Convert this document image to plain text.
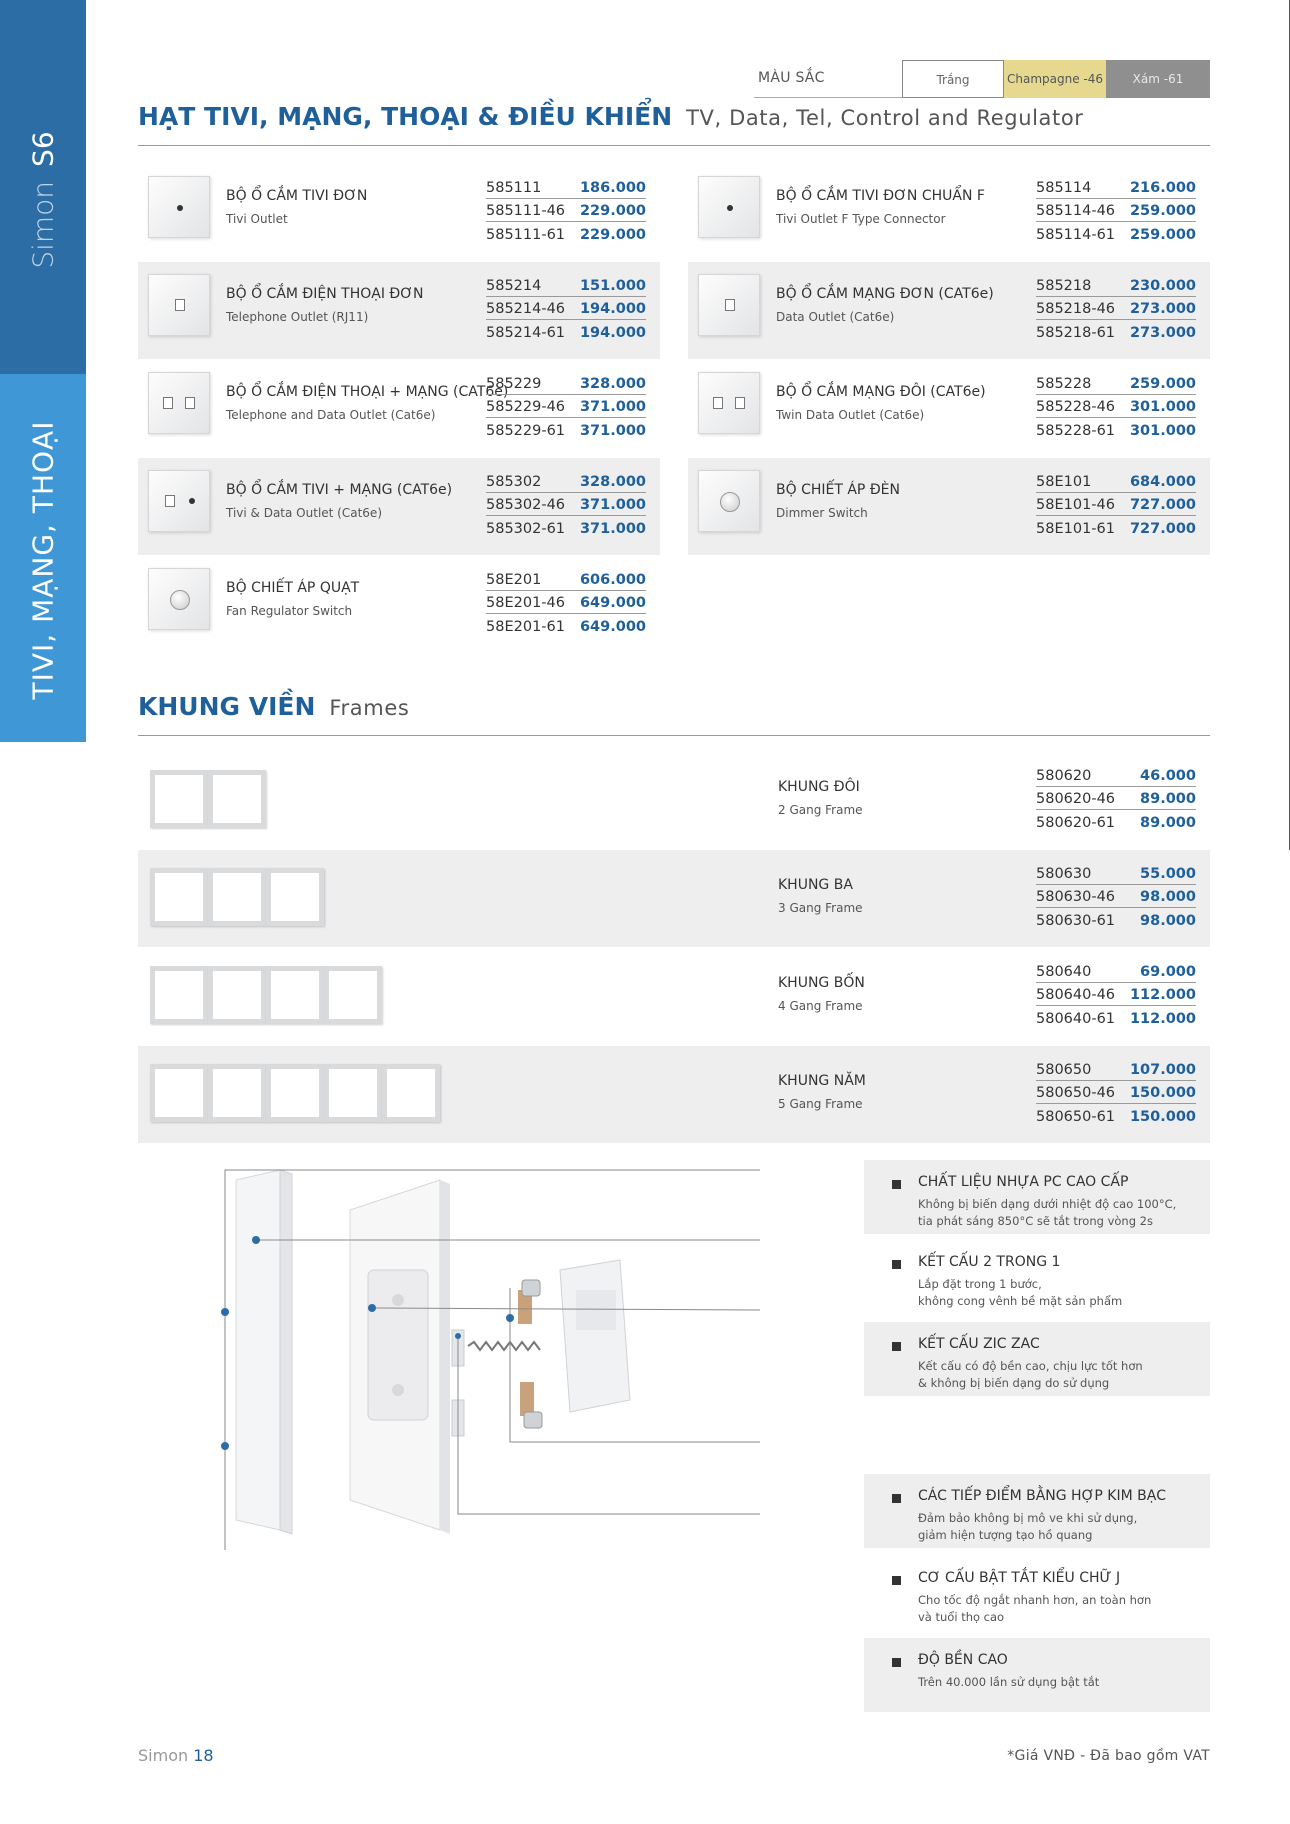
SimonS6
TIVI, MẠNG, THOẠI
MÀU SẮC	Trắng	Champagne -46	Xám -61
HẠT TIVI, MẠNG, THOẠI & ĐIỀU KHIỂN TV, Data, Tel, Control and Regulator
BỘ Ổ CẮM TIVI ĐƠN
Tivi Outlet
585111	186.000
585111-46 229.000
585111-61 229.000
BỘ Ổ CẮM TIVI ĐƠN CHUẨN F
Tivi Outlet F Type Connector
585114	216.000
585114-46 259.000
585114-61 259.000
BỘ Ổ CẮM ĐIỆN THOẠI ĐƠN
Telephone Outlet (RJ11)
585214	151.000
585214-46 194.000
585214-61 194.000
BỘ Ổ CẮM MẠNG ĐƠN (CAT6e)
Data Outlet (Cat6e)
585218	230.000
585218-46 273.000
585218-61 273.000
BỘ Ổ CẮM ĐIỆN THOẠI + MẠNG (CAT6e)
Telephone and Data Outlet (Cat6e)
585229	328.000
585229-46 371.000
585229-61 371.000
BỘ Ổ CẮM MẠNG ĐÔI (CAT6e)
Twin Data Outlet (Cat6e)
585228	259.000
585228-46 301.000
585228-61 301.000
BỘ Ổ CẮM TIVI + MẠNG (CAT6e)
Tivi & Data Outlet (Cat6e)
585302	328.000
585302-46 371.000
585302-61 371.000
BỘ CHIẾT ÁP ĐÈN
Dimmer Switch
58E101	684.000
58E101-46 727.000
58E101-61 727.000
BỘ CHIẾT ÁP QUẠT
Fan Regulator Switch
58E201	606.000
58E201-46 649.000
58E201-61 649.000
KHUNG VIỀN Frames
KHUNG ĐÔI
2 Gang Frame
580620	46.000
580620-46 89.000
580620-61 89.000
KHUNG BA
3 Gang Frame
580630	55.000
580630-46 98.000
580630-61 98.000
KHUNG BỐN
4 Gang Frame
580640	69.000
580640-46 112.000
580640-61 112.000
KHUNG NĂM
5 Gang Frame
580650	107.000
580650-46 150.000
580650-61 150.000
CHẤT LIỆU NHỰA PC CAO CẤP
Không bị biến dạng dưới nhiệt độ cao 100°C,
tia phát sáng 850°C sẽ tắt trong vòng 2s
KẾT CẤU 2 TRONG 1
Lắp đặt trong 1 bước,
không cong vênh bề mặt sản phẩm
KẾT CẤU ZIC ZAC
Kết cấu có độ bền cao, chịu lực tốt hơn
& không bị biến dạng do sử dụng
CÁC TIẾP ĐIỂM BẰNG HỢP KIM BẠC
Đảm bảo không bị mô ve khi sử dụng,
giảm hiện tượng tạo hồ quang
CƠ CẤU BẬT TẮT KIỂU CHỮ J
Cho tốc độ ngắt nhanh hơn, an toàn hơn
và tuổi thọ cao
ĐỘ BỀN CAO
Trên 40.000 lần sử dụng bật tắt
Simon 18	*Giá VNĐ - Đã bao gồm VAT
